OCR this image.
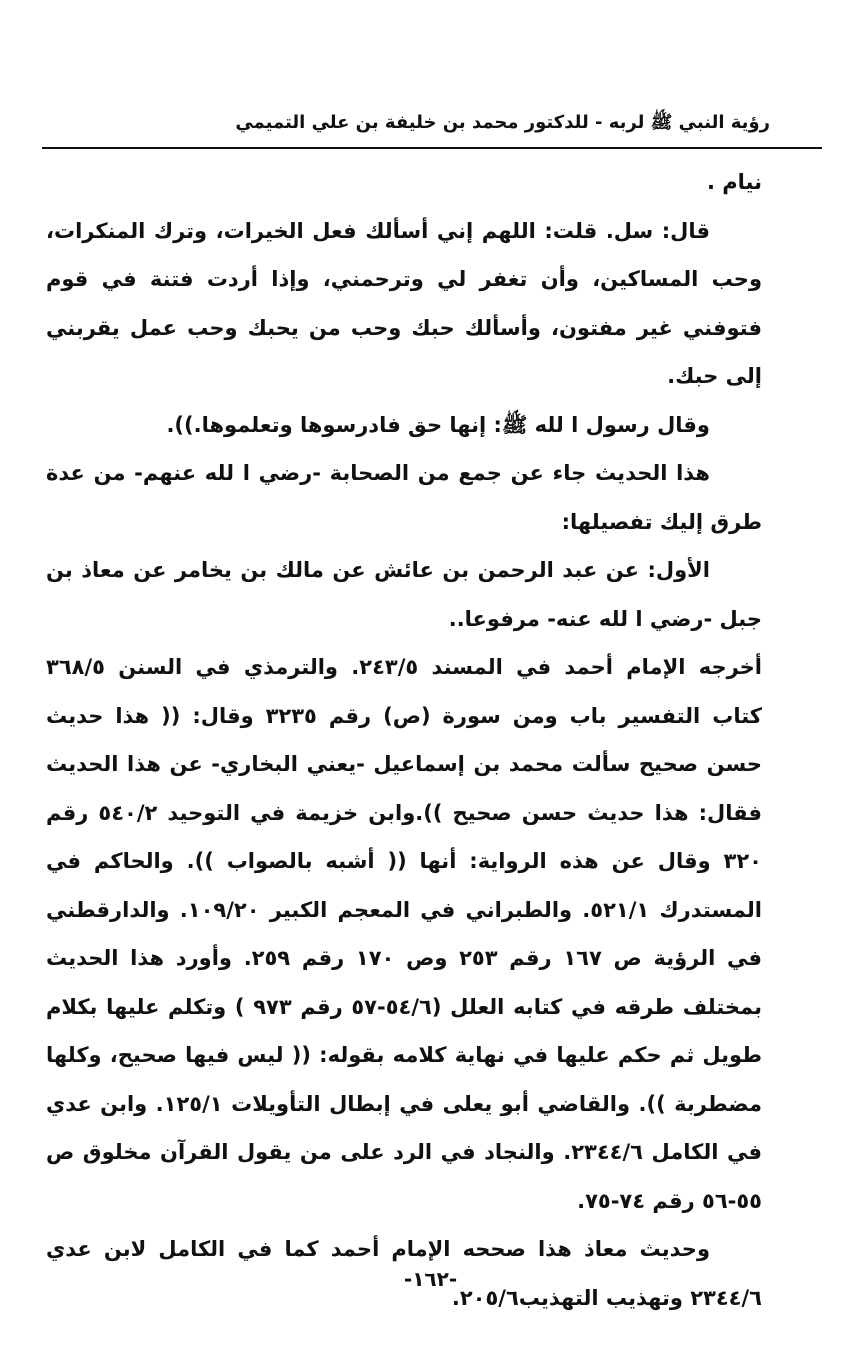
رؤية النبي ﷺ لربه - للدكتور محمد بن خليفة بن علي التميمي

نيام .

قال: سل. قلت: اللهم إني أسألك فعل الخيرات، وترك المنكرات، وحب المساكين، وأن تغفر لي وترحمني، وإذا أردت فتنة في قوم فتوفني غير مفتون، وأسألك حبك وحب من يحبك وحب عمل يقربني إلى حبك.

وقال رسول ا لله ﷺ: إنها حق فادرسوها وتعلموها.)).

هذا الحديث جاء عن جمع من الصحابة -رضي ا لله عنهم- من عدة طرق إليك تفصيلها:

الأول: عن عبد الرحمن بن عائش عن مالك بن يخامر عن معاذ بن جبل -رضي ا لله عنه- مرفوعا..

أخرجه الإمام أحمد في المسند ٢٤٣/٥. والترمذي في السنن ٣٦٨/٥ كتاب التفسير باب ومن سورة (ص) رقم ٣٢٣٥ وقال: (( هذا حديث حسن صحيح سألت محمد بن إسماعيل -يعني البخاري- عن هذا الحديث فقال: هذا حديث حسن صحيح )).وابن خزيمة في التوحيد ٥٤٠/٢ رقم ٣٢٠ وقال عن هذه الرواية: أنها (( أشبه بالصواب )). والحاكم في المستدرك ٥٢١/١. والطبراني في المعجم الكبير ١٠٩/٢٠. والدارقطني في الرؤية ص ١٦٧ رقم ٢٥٣ وص ١٧٠ رقم ٢٥٩. وأورد هذا الحديث بمختلف طرقه في كتابه العلل (٥٤/٦-٥٧ رقم ٩٧٣ ) وتكلم عليها بكلام طويل ثم حكم عليها في نهاية كلامه بقوله: (( ليس فيها صحيح، وكلها مضطربة )). والقاضي أبو يعلى في إبطال التأويلات ١٢٥/١. وابن عدي في الكامل ٢٣٤٤/٦. والنجاد في الرد على من يقول القرآن مخلوق ص ٥٥-٥٦ رقم ٧٤-٧٥.

وحديث معاذ هذا صححه الإمام أحمد كما في الكامل لابن عدي ٢٣٤٤/٦ وتهذيب التهذيب٢٠٥/٦.

-١٦٢-
